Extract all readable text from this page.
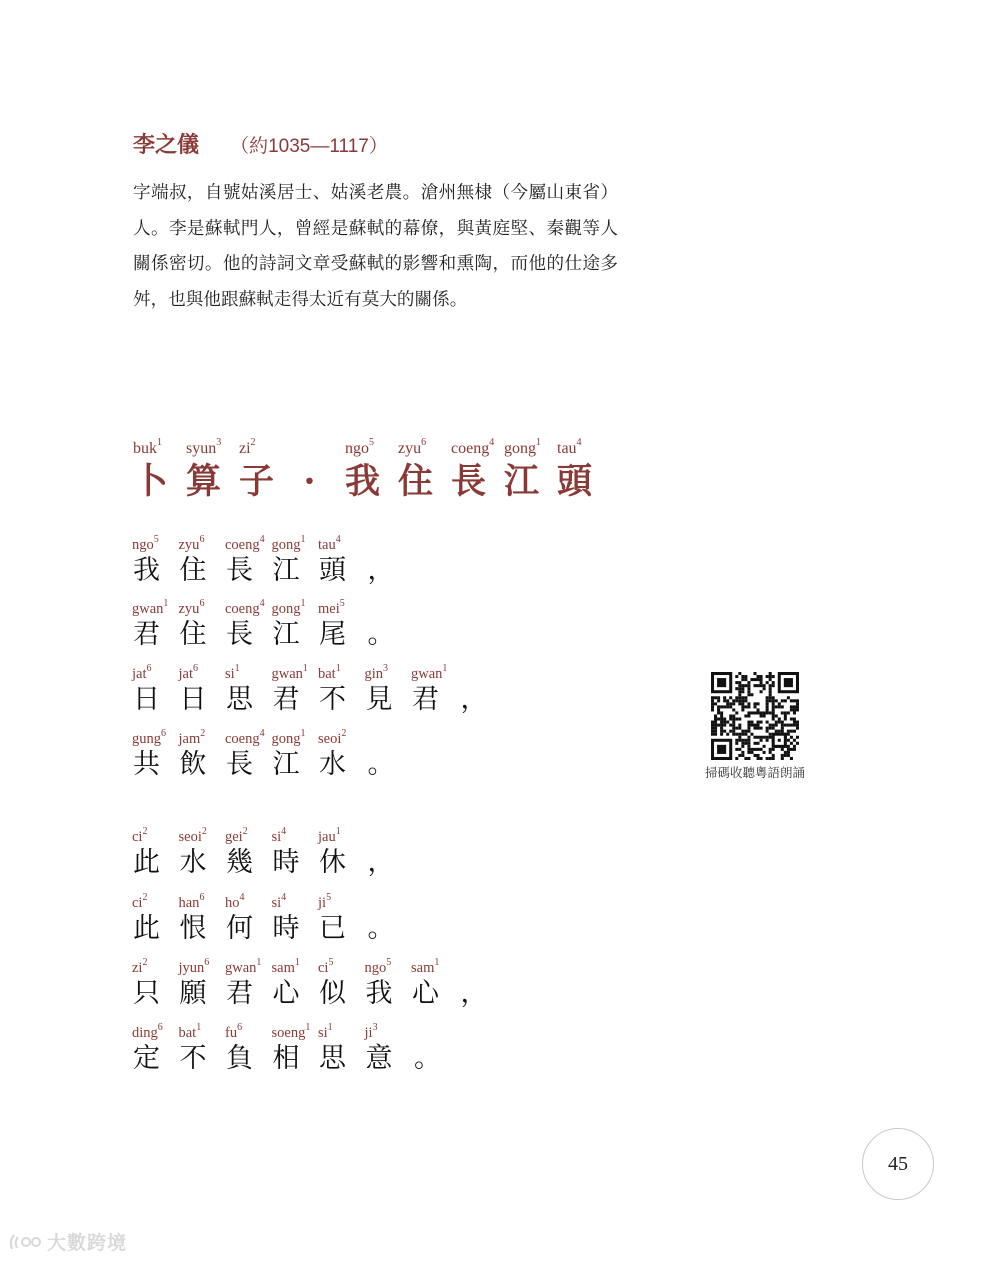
李之儀 （約1035—1117）

字端叔，自號姑溪居士、姑溪老農。滄州無棣（今屬山東省）人。李是蘇軾門人，曾經是蘇軾的幕僚，與黃庭堅、秦觀等人關係密切。他的詩詞文章受蘇軾的影響和熏陶，而他的仕途多舛，也與他跟蘇軾走得太近有莫大的關係。

buk$^1$
卜
syun$^3$
算
$zi^2$
子 ·
ngo$^5$
我
zyu$^6$
住
coeng$^4$
長
gong$^1$
江
tau$^4$
頭
ngo$^5$
我
zyu$^6$
住
coeng$^4$
長
gong$^1$
江
tau$^4$
頭 ，
gwan$^1$
君
zyu$^6$
住
coeng$^4$
長
gong$^1$
江
mei$^5$
尾 。
jat$^6$
日
jat$^6$
日
$si^1$
思
gwan$^1$
君
bat$^1$
不
gin$^3$
見
gwan$^1$
君 ，
gung$^6$
共
jam$^2$
飲
coeng$^4$
長
gong$^1$
江
seoi$^2$
水 。
$ci^2$
此
seoi$^2$
水
gei$^2$
幾
$si^4$
時
jau$^1$
休 ，
$ci^2$
此
han$^6$
恨
$ho^4$
何
$si^4$
時
$ji^5$
已 。
$zi^2$
只
jyun$^6$
願
gwan$^1$
君
sam$^1$
心
$ci^5$
似
ngo$^5$
我
sam$^1$
心 ，
ding$^6$
定
bat$^1$
不
$fu^6$
負
soeng$^1$
相
$si^1$
思
$ji^3$
意 。
掃碼收聽粵語朗誦
45
大數跨境
